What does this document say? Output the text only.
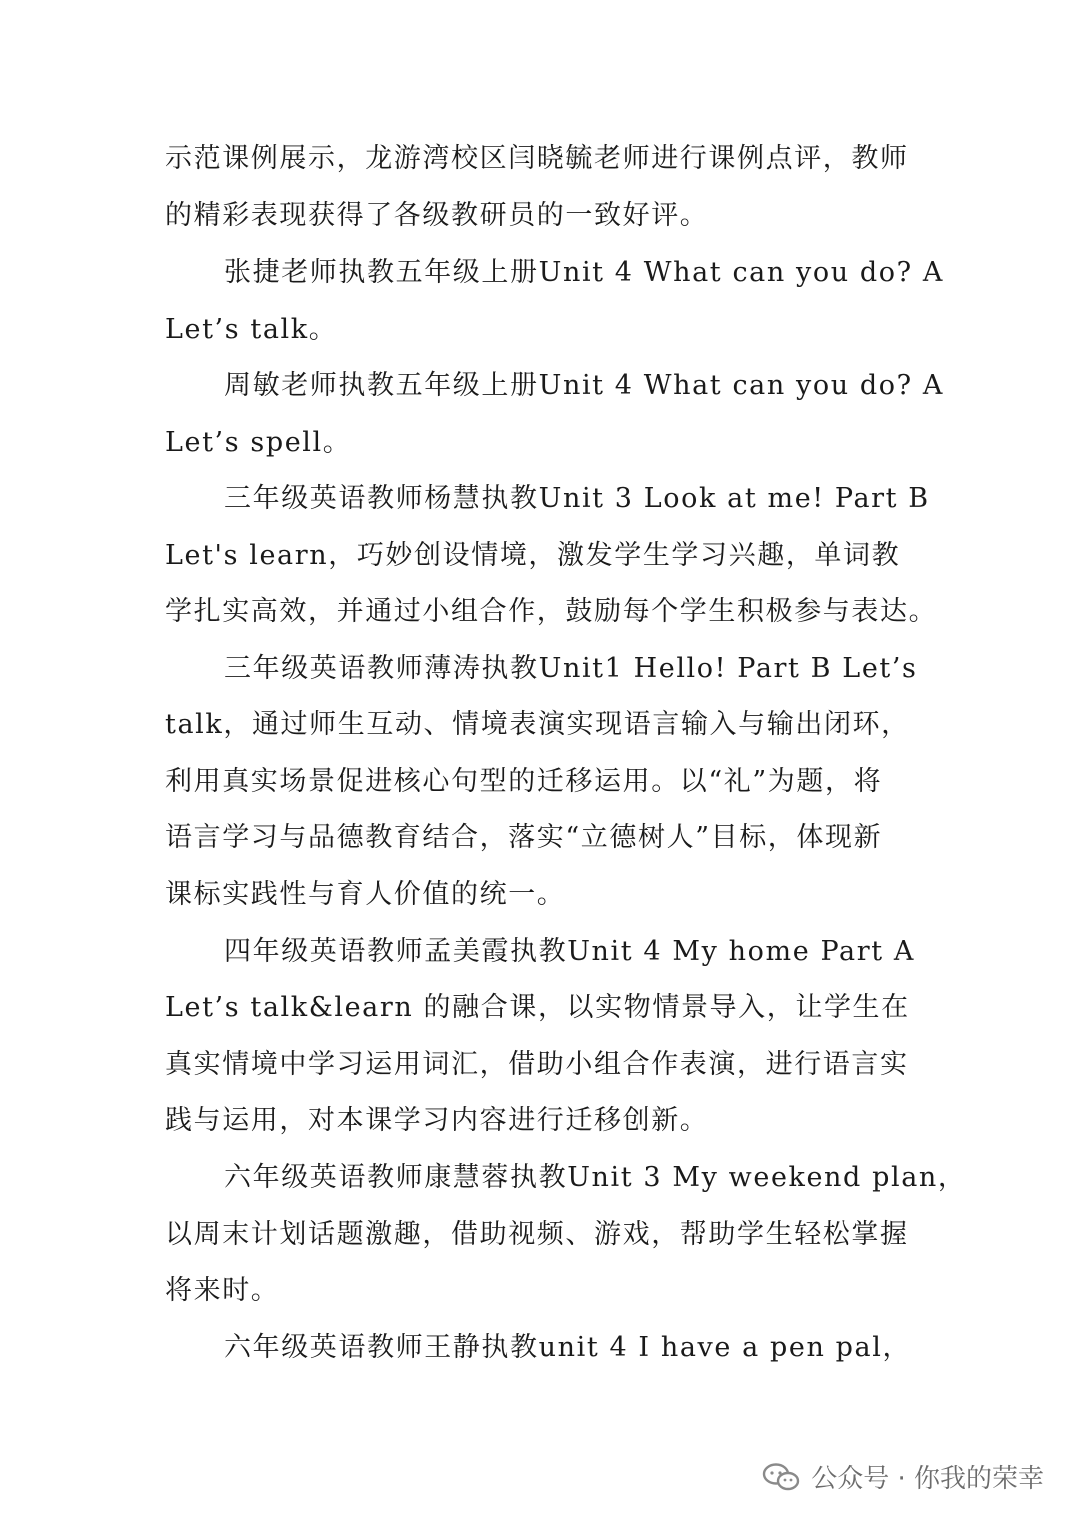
示范课例展示，龙游湾校区闫晓毓老师进行课例点评，教师
的精彩表现获得了各级教研员的一致好评。
张捷老师执教五年级上册Unit 4 What can you do? A
Let’s talk。
周敏老师执教五年级上册Unit 4 What can you do? A
Let’s spell。
三年级英语教师杨慧执教Unit 3 Look at me! Part B
Let's learn，巧妙创设情境，激发学生学习兴趣，单词教
学扎实高效，并通过小组合作，鼓励每个学生积极参与表达。
三年级英语教师薄涛执教Unit1 Hello! Part B Let’s
talk，通过师生互动、情境表演实现语言输入与输出闭环，
利用真实场景促进核心句型的迁移运用。以“礼”为题，将
语言学习与品德教育结合，落实“立德树人”目标，体现新
课标实践性与育人价值的统一。
四年级英语教师孟美霞执教Unit 4 My home Part A
Let’s talk&learn 的融合课，以实物情景导入，让学生在
真实情境中学习运用词汇，借助小组合作表演，进行语言实
践与运用，对本课学习内容进行迁移创新。
六年级英语教师康慧蓉执教Unit 3 My weekend plan，
以周末计划话题激趣，借助视频、游戏，帮助学生轻松掌握
将来时。
六年级英语教师王静执教unit 4 I have a pen pal，
公众号 · 你我的荣幸
